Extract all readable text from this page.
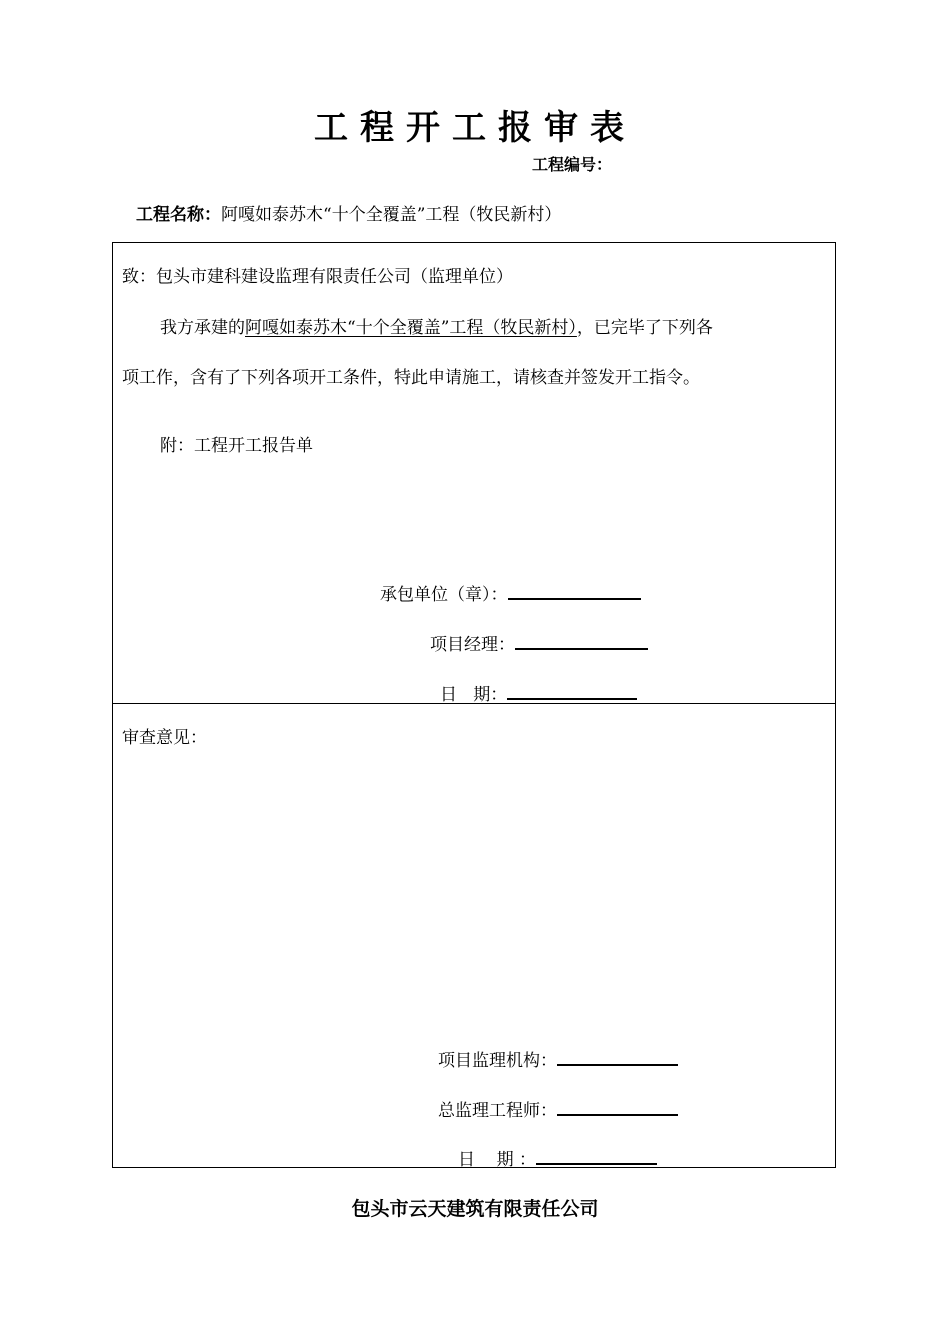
工程开工报审表
工程编号：
工程名称：阿嘎如泰苏木“十个全覆盖”工程（牧民新村）
致：包头市建科建设监理有限责任公司（监理单位）
我方承建的阿嘎如泰苏木“十个全覆盖”工程（牧民新村），已完毕了下列各
项工作，含有了下列各项开工条件，特此申请施工，请核查并签发开工指令。
附：工程开工报告单
承包单位（章）：
项目经理：
日   期：
审查意见：
项目监理机构：
总监理工程师：
日    期 ：
包头市云天建筑有限责任公司
